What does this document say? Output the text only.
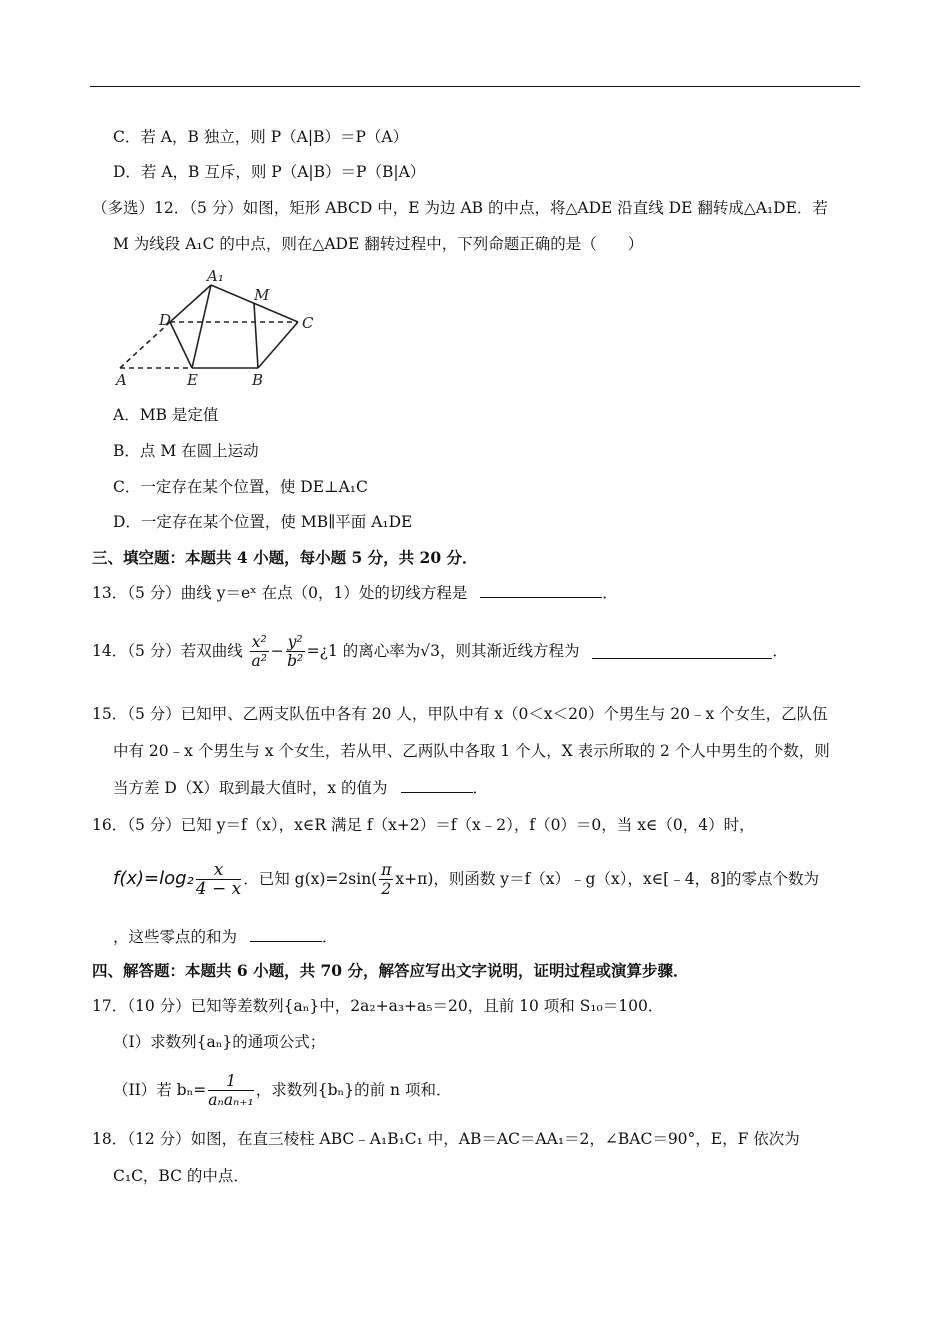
C．若 A，B 独立，则 P（A|B）＝P（A）
D．若 A，B 互斥，则 P（A|B）＝P（B|A）
（多选）12．（5 分）如图，矩形 ABCD 中，E 为边 AB 的中点，将△ADE 沿直线 DE 翻转成△A₁DE．若
M 为线段 A₁C 的中点，则在△ADE 翻转过程中，下列命题正确的是（　　）
A₁
M
D	C
A	E	B
A．MB 是定值
B．点 M 在圆上运动
C．一定存在某个位置，使 DE⊥A₁C
D．一定存在某个位置，使 MB∥平面 A₁DE
三、填空题：本题共 4 小题，每小题 5 分，共 20 分．
13．（5 分）曲线 y＝eˣ 在点（0，1）处的切线方程是	．
14．（5 分）若双曲线 $\frac{\text{x²}}{\text{a²}} - \frac{\text{y²}}{\text{b²}}$ =¿1 的离心率为√3，则其渐近线方程为	．
15．（5 分）已知甲、乙两支队伍中各有 20 人，甲队中有 x（0＜x＜20）个男生与 20﹣x 个女生，乙队伍
中有 20﹣x 个男生与 x 个女生，若从甲、乙两队中各取 1 个人，X 表示所取的 2 个人中男生的个数，则
当方差 D（X）取到最大值时，x 的值为	．
16．（5 分）已知 y＝f（x），x∈R 满足 f（x+2）＝f（x﹣2），f（0）＝0，当 x∈（0，4）时，
$f(x)=\log_2 \frac{x}{4 - x}$ ．已知 $g(x)=2\sin( \frac{\pi}{2} x+\pi)$，则函数 y＝f（x）﹣g（x），x∈[﹣4，8]的零点个数为
，这些零点的和为	．
四、解答题：本题共 6 小题，共 70 分，解答应写出文字说明，证明过程或演算步骤．
17．（10 分）已知等差数列{aₙ}中，2a₂+a₃+a₅＝20，且前 10 项和 S₁₀＝100．
（I）求数列{aₙ}的通项公式；
（II）若 $b_n= \frac{1}{\text{aₙaₙ₊₁}}$ ，求数列{bₙ}的前 n 项和．
18．（12 分）如图，在直三棱柱 ABC﹣A₁B₁C₁ 中，AB＝AC＝AA₁＝2，∠BAC＝90°，E，F 依次为
C₁C，BC 的中点．
